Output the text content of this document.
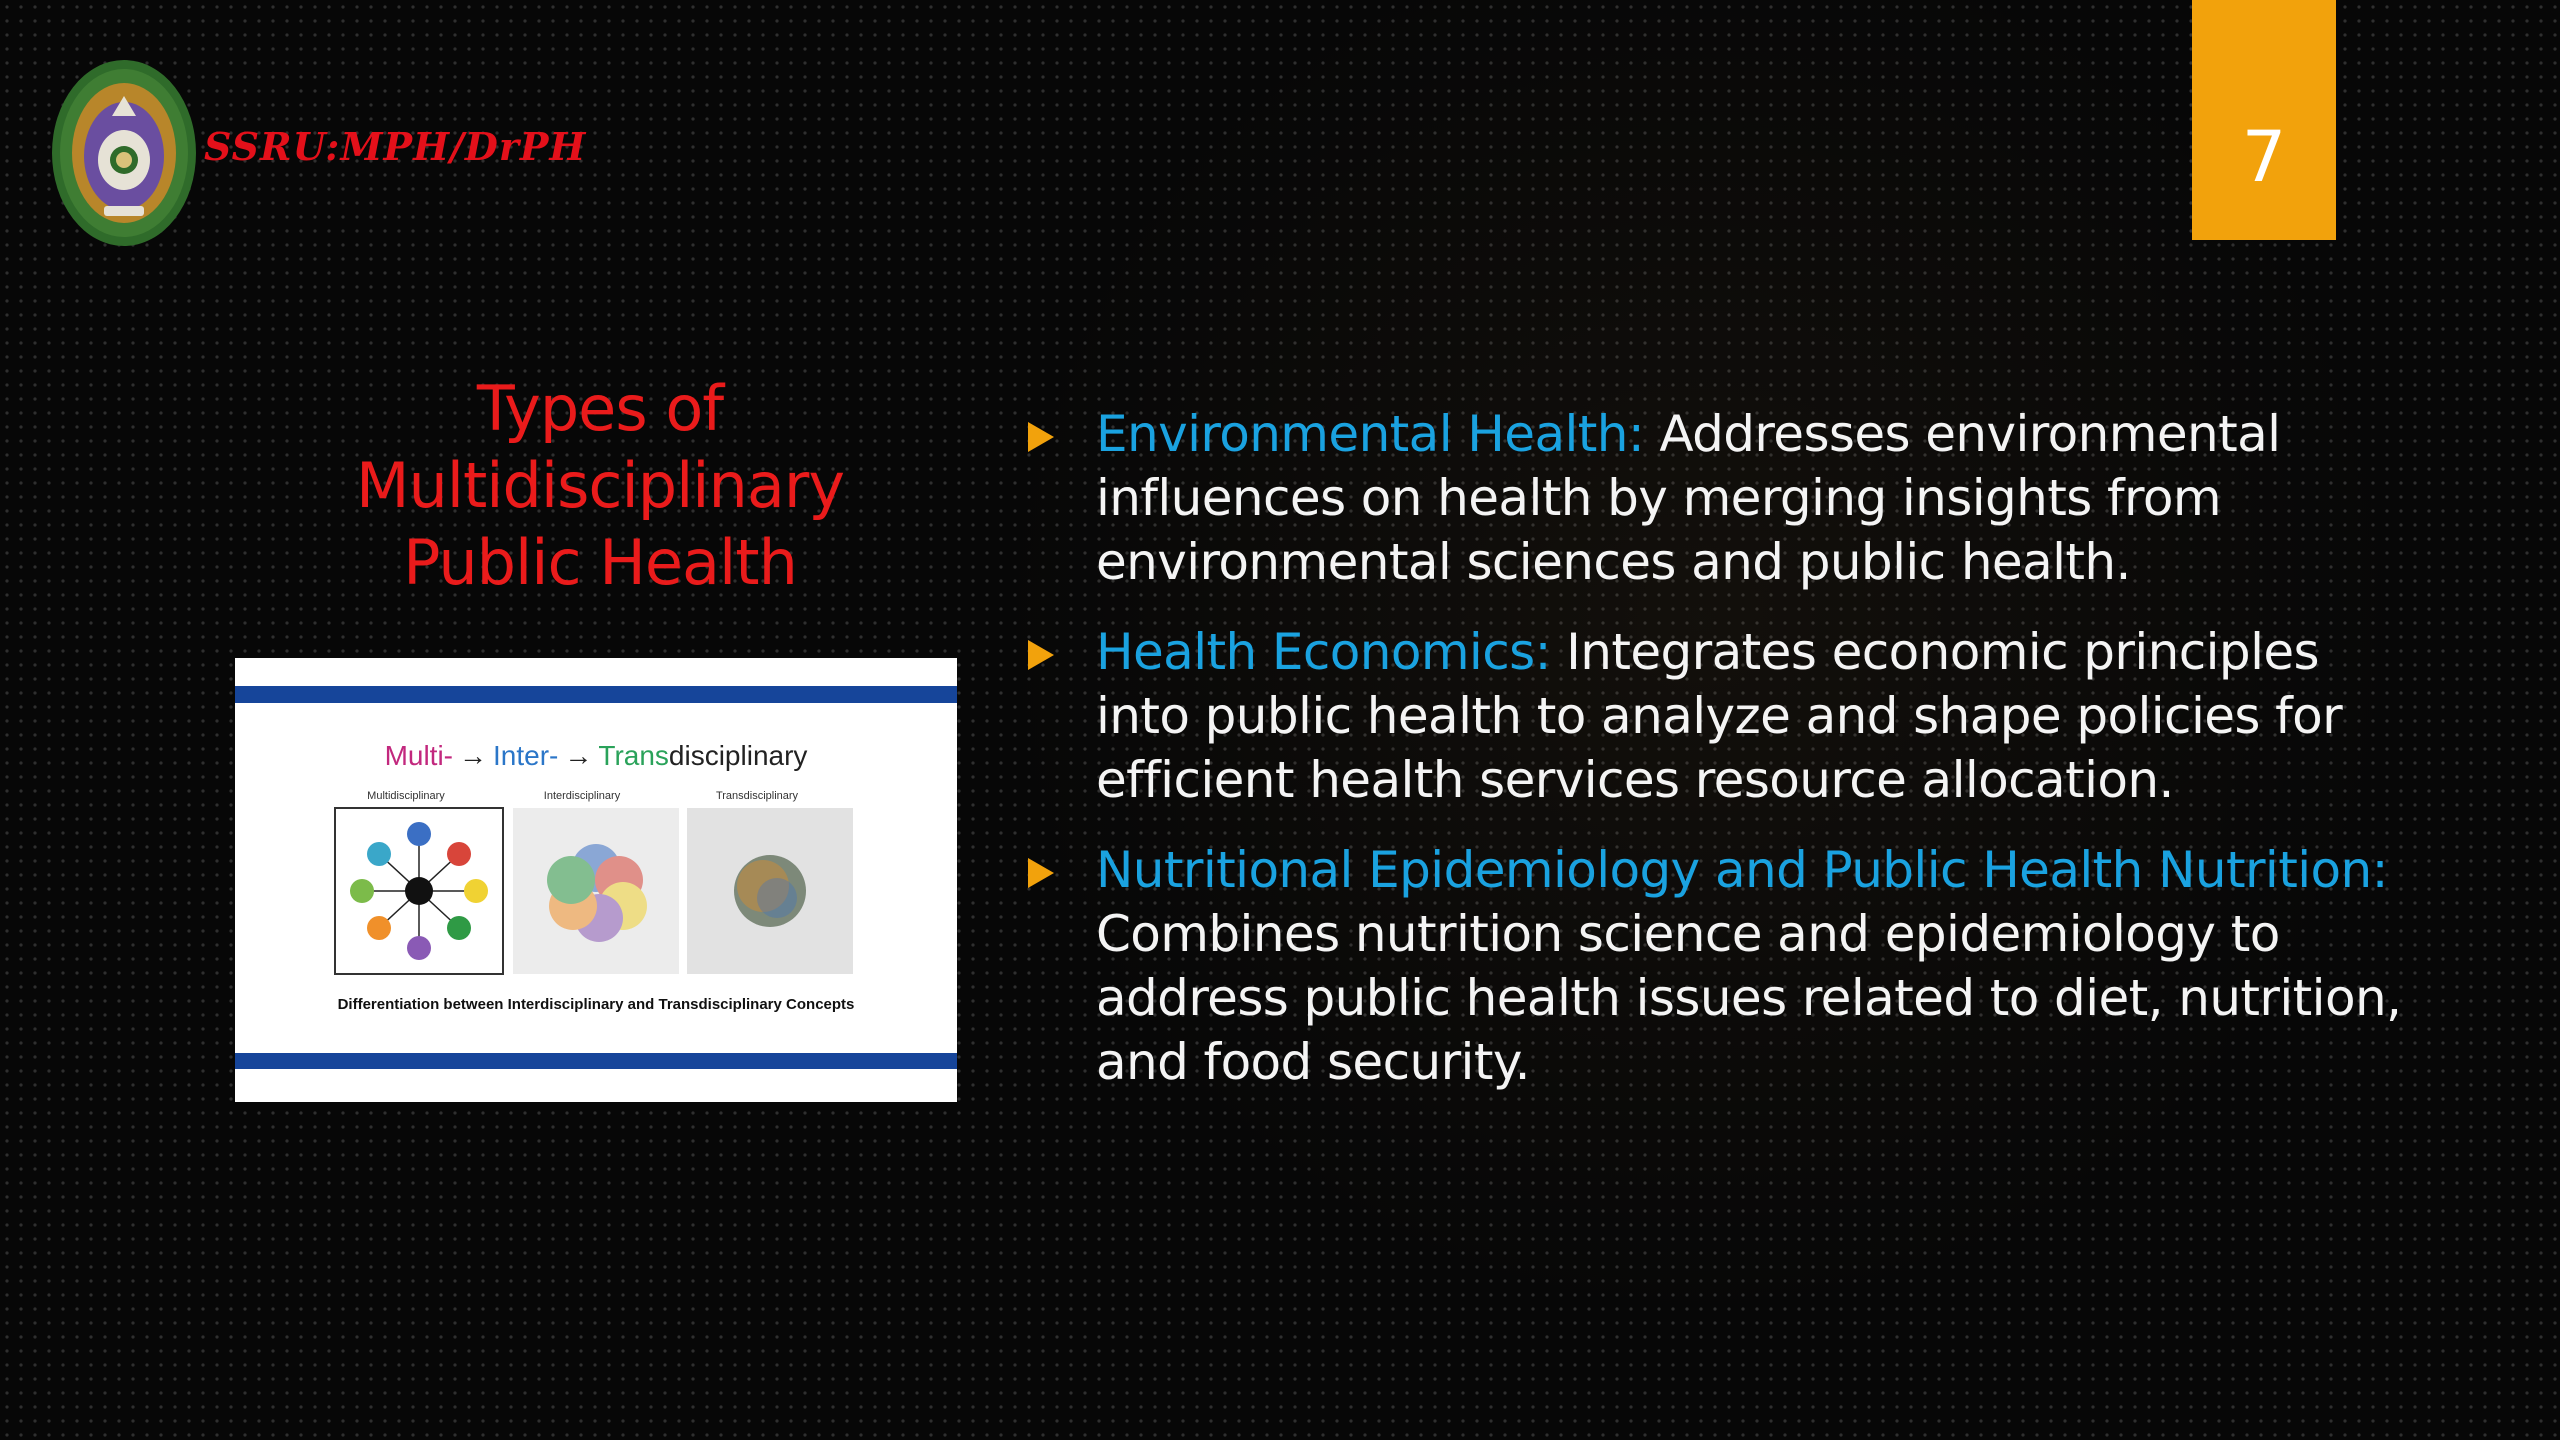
SSRU:MPH/DrPH	7
Types of
Multidisciplinary
Public Health
Multi- → Inter- → Transdisciplinary
Multidisciplinary	Interdisciplinary	Transdisciplinary
Differentiation between Interdisciplinary and Transdisciplinary Concepts
Environmental Health: Addresses environmental influences on health by merging insights from environmental sciences and public health.
Health Economics: Integrates economic principles into public health to analyze and shape policies for efficient health services resource allocation.
Nutritional Epidemiology and Public Health Nutrition: Combines nutrition science and epidemiology to address public health issues related to diet, nutrition, and food security.
